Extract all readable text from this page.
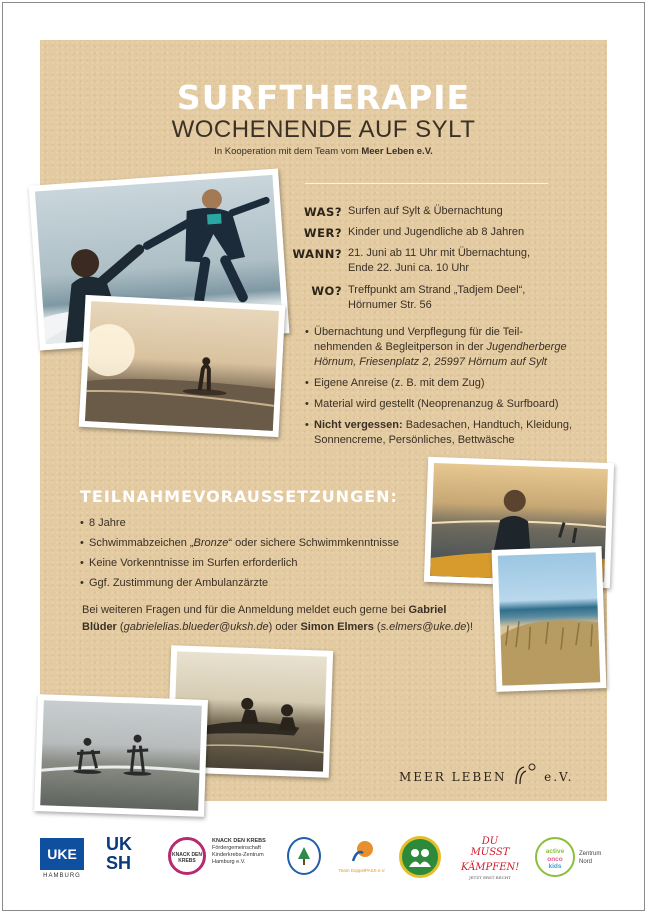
SURFTHERAPIE
WOCHENENDE AUF SYLT
In Kooperation mit dem Team vom Meer Leben e.V.
WAS? Surfen auf Sylt & Übernachtung
WER? Kinder und Jugendliche ab 8 Jahren
WANN? 21. Juni ab 11 Uhr mit Übernachtung,
Ende 22. Juni ca. 10 Uhr
WO? Treffpunkt am Strand „Tadjem Deel“,
Hörnumer Str. 56
• Übernachtung und Verpflegung für die Teil-
nehmenden & Begleitperson in der Jugendherberge
Hörnum, Friesenplatz 2, 25997 Hörnum auf Sylt
• Eigene Anreise (z. B. mit dem Zug)
• Material wird gestellt (Neoprenanzug & Surfboard)
• Nicht vergessen: Badesachen, Handtuch, Kleidung,
Sonnencreme, Persönliches, Bettwäsche
TEILNAHMEVORAUSSETZUNGEN:
• 8 Jahre
• Schwimmabzeichen „Bronze“ oder sichere Schwimmkenntnisse
• Keine Vorkenntnisse im Surfen erforderlich
• Ggf. Zustimmung der Ambulanzärzte
Bei weiteren Fragen und für die Anmeldung meldet euch gerne bei Gabriel Blüder (gabrielelias.blueder@uksh.de) oder Simon Elmers (s.elmers@uke.de)!
MEER LEBEN	e.V.
UKE
HAMBURG
UK
SH	KNACK DEN KREBS
KNACK DEN KREBS
Fördergemeinschaft
Kinderkrebs-Zentrum
Hamburg e.V.
Team DoppelPASS e.V.
DU MUSST
KÄMPFEN!
JETZT ERST RECHT
active
onco
kids
Zentrum
Nord
